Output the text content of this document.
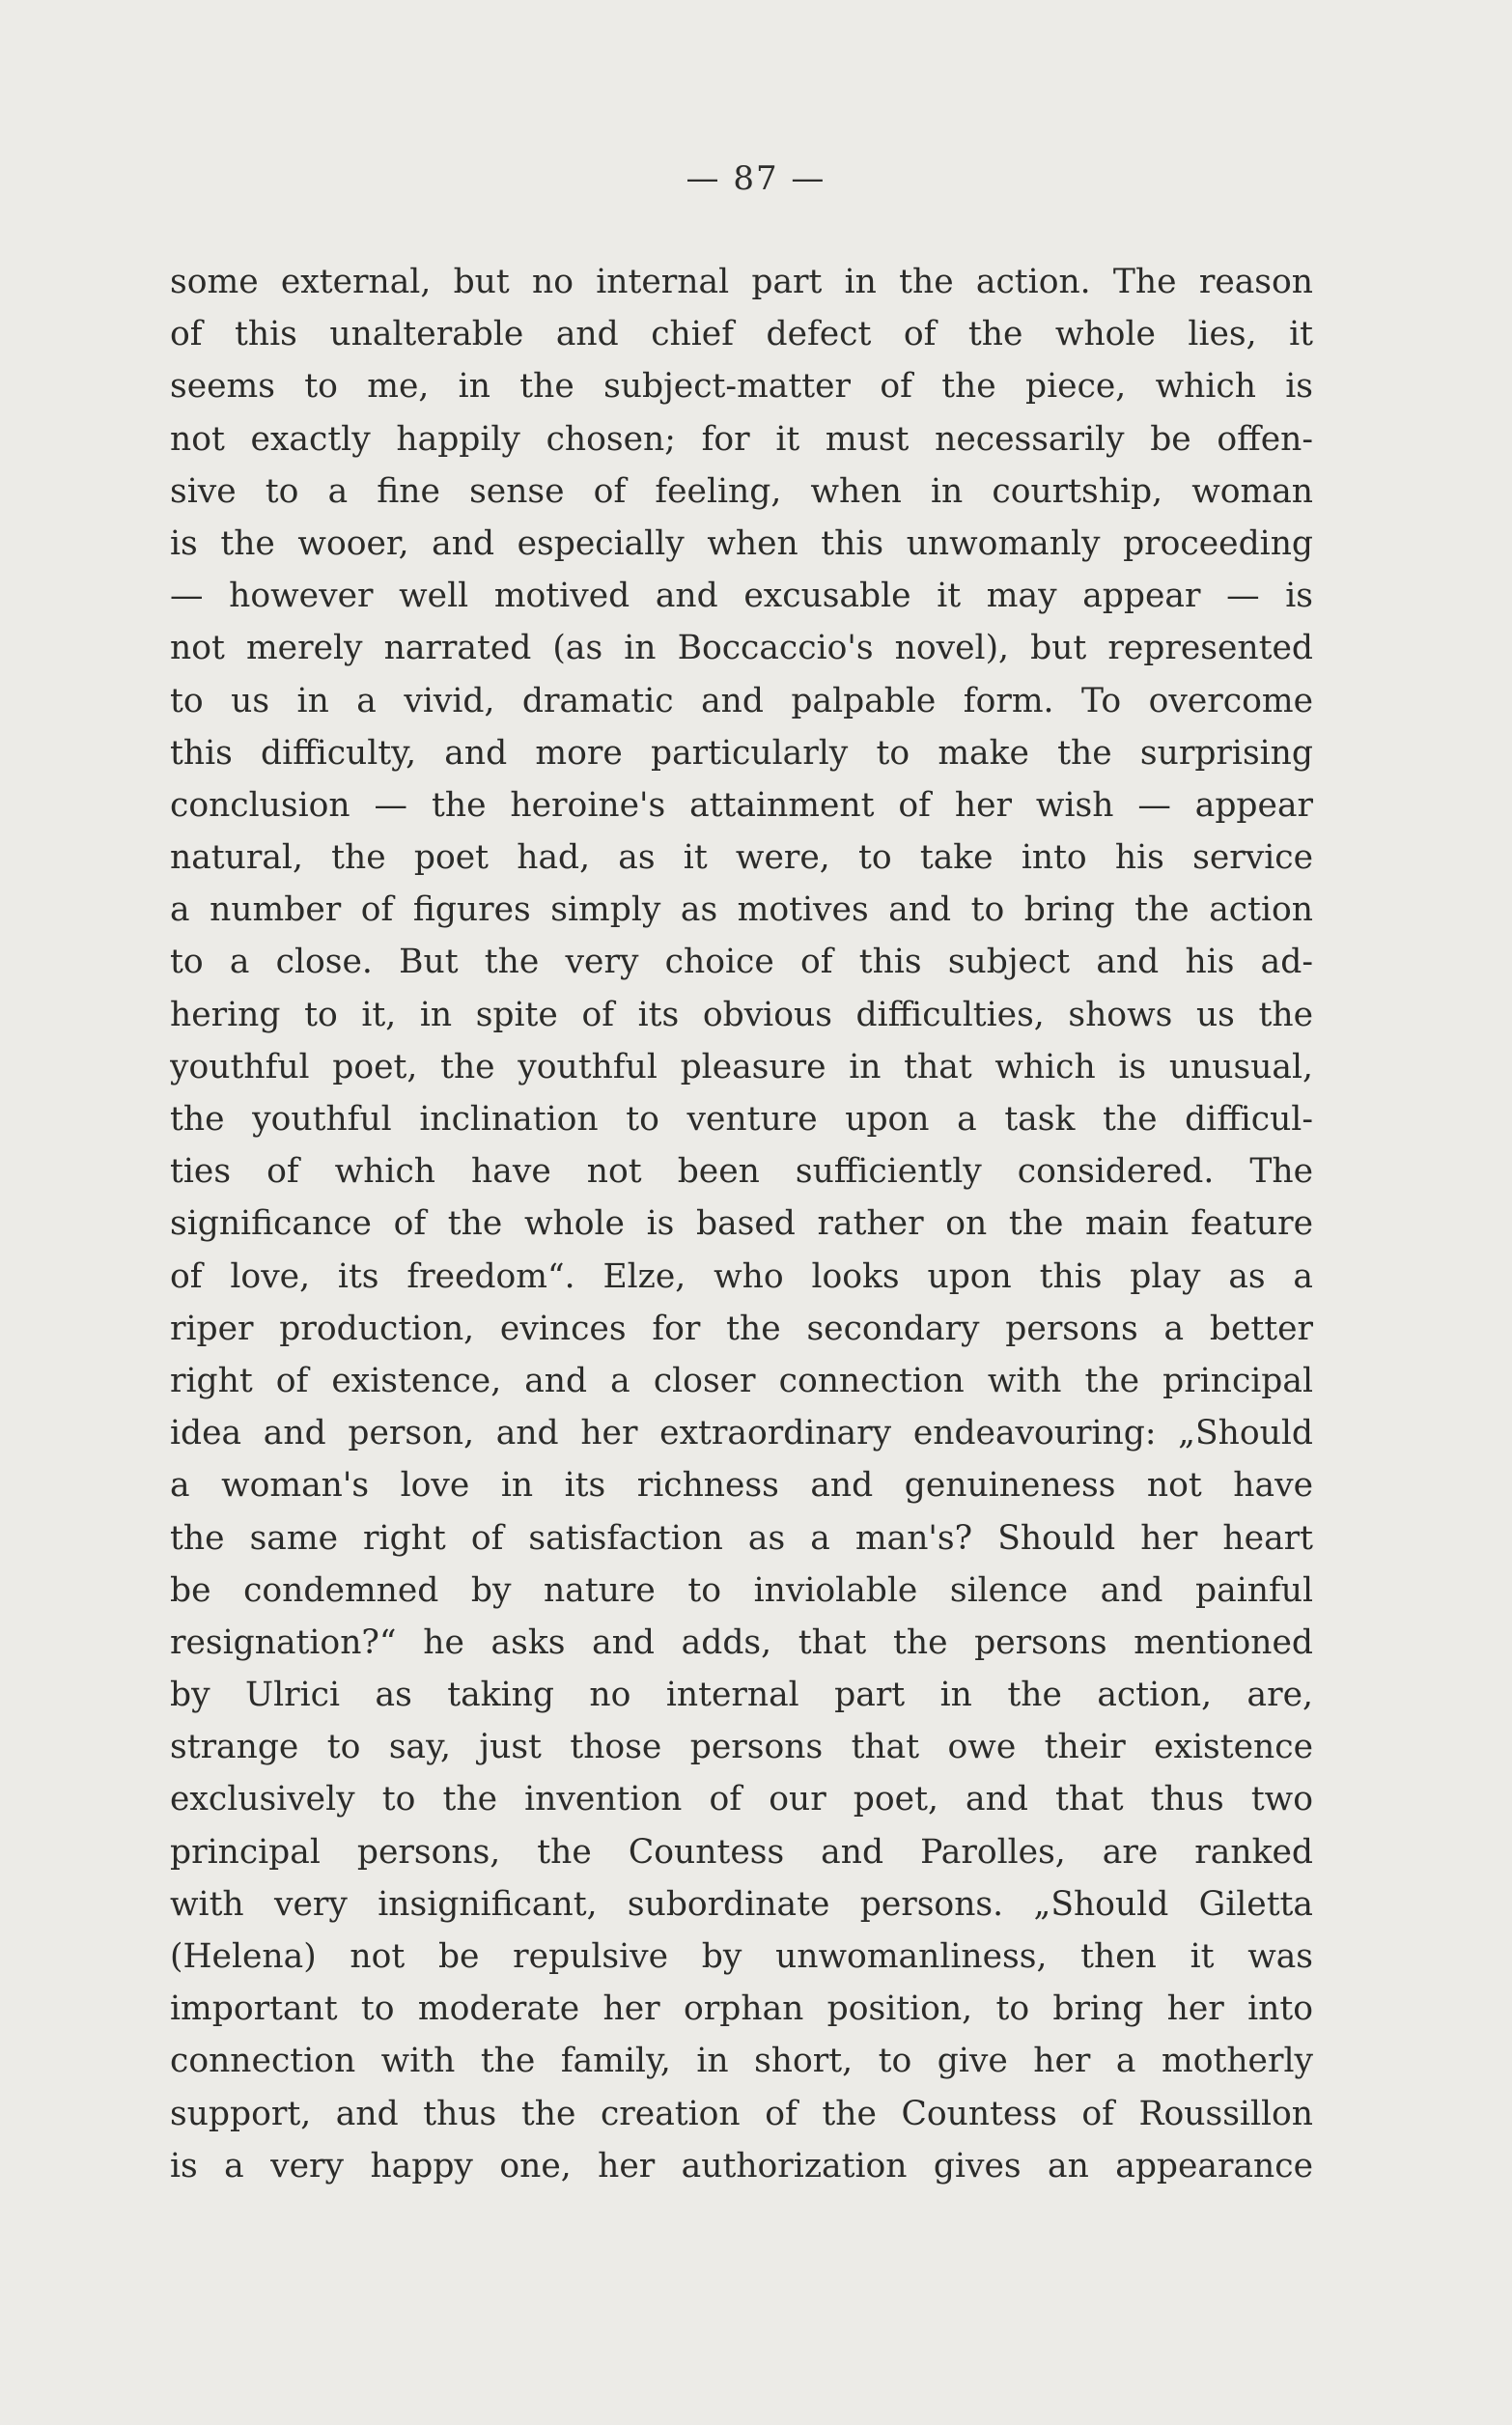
— 87 —
some external, but no internal part in the action. The reason
of this unalterable and chief defect of the whole lies, it
seems to me, in the subject-matter of the piece, which is
not exactly happily chosen; for it must necessarily be offen-
sive to a fine sense of feeling, when in courtship, woman
is the wooer, and especially when this unwomanly proceeding
— however well motived and excusable it may appear — is
not merely narrated (as in Boccaccio's novel), but represented
to us in a vivid, dramatic and palpable form. To overcome
this difficulty, and more particularly to make the surprising
conclusion — the heroine's attainment of her wish — appear
natural, the poet had, as it were, to take into his service
a number of figures simply as motives and to bring the action
to a close. But the very choice of this subject and his ad-
hering to it, in spite of its obvious difficulties, shows us the
youthful poet, the youthful pleasure in that which is unusual,
the youthful inclination to venture upon a task the difficul-
ties of which have not been sufficiently considered. The
significance of the whole is based rather on the main feature
of love, its freedom“. Elze, who looks upon this play as a
riper production, evinces for the secondary persons a better
right of existence, and a closer connection with the principal
idea and person, and her extraordinary endeavouring: „Should
a woman's love in its richness and genuineness not have
the same right of satisfaction as a man's? Should her heart
be condemned by nature to inviolable silence and painful
resignation?“ he asks and adds, that the persons mentioned
by Ulrici as taking no internal part in the action, are,
strange to say, just those persons that owe their existence
exclusively to the invention of our poet, and that thus two
principal persons, the Countess and Parolles, are ranked
with very insignificant, subordinate persons. „Should Giletta
(Helena) not be repulsive by unwomanliness, then it was
important to moderate her orphan position, to bring her into
connection with the family, in short, to give her a motherly
support, and thus the creation of the Countess of Roussillon
is a very happy one, her authorization gives an appearance
